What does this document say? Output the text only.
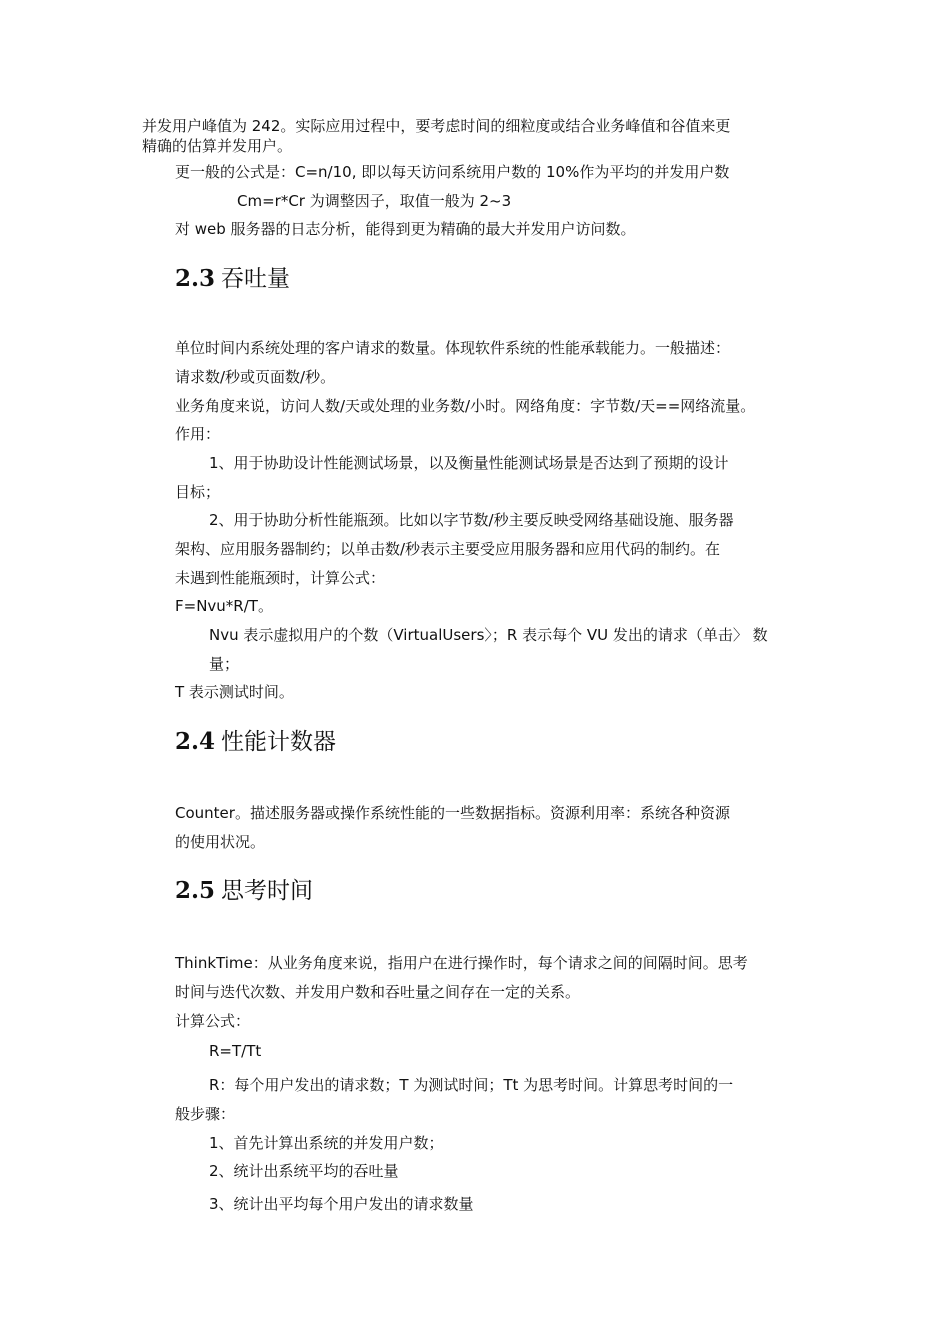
并发用户峰值为 242。实际应用过程中，要考虑时间的细粒度或结合业务峰值和谷值来更
精确的估算并发用户。
更一般的公式是：C=n/10, 即以每天访问系统用户数的 10%作为平均的并发用户数
Cm=r*Cr 为调整因子，取值一般为 2~3
对 web 服务器的日志分析，能得到更为精确的最大并发用户访问数。
2.3 吞吐量
单位时间内系统处理的客户请求的数量。体现软件系统的性能承载能力。一般描述：
请求数/秒或页面数/秒。
业务角度来说，访问人数/天或处理的业务数/小时。网络角度：字节数/天==网络流量。
作用：
1、用于协助设计性能测试场景，以及衡量性能测试场景是否达到了预期的设计
目标；
2、用于协助分析性能瓶颈。比如以字节数/秒主要反映受网络基础设施、服务器
架构、应用服务器制约；以单击数/秒表示主要受应用服务器和应用代码的制约。在
未遇到性能瓶颈时，计算公式：
F=Nvu*R/T。
Nvu 表示虚拟用户的个数（VirtualUsers〉；R 表示每个 VU 发出的请求（单击〉 数
量；
T 表示测试时间。
2.4 性能计数器
Counter。描述服务器或操作系统性能的一些数据指标。资源利用率：系统各种资源
的使用状况。
2.5 思考时间
ThinkTime：从业务角度来说，指用户在进行操作时，每个请求之间的间隔时间。思考
时间与迭代次数、并发用户数和吞吐量之间存在一定的关系。
计算公式：
R=T/Tt
R：每个用户发出的请求数；T 为测试时间；Tt 为思考时间。计算思考时间的一
般步骤：
1、首先计算出系统的并发用户数；
2、统计出系统平均的吞吐量
3、统计出平均每个用户发出的请求数量
